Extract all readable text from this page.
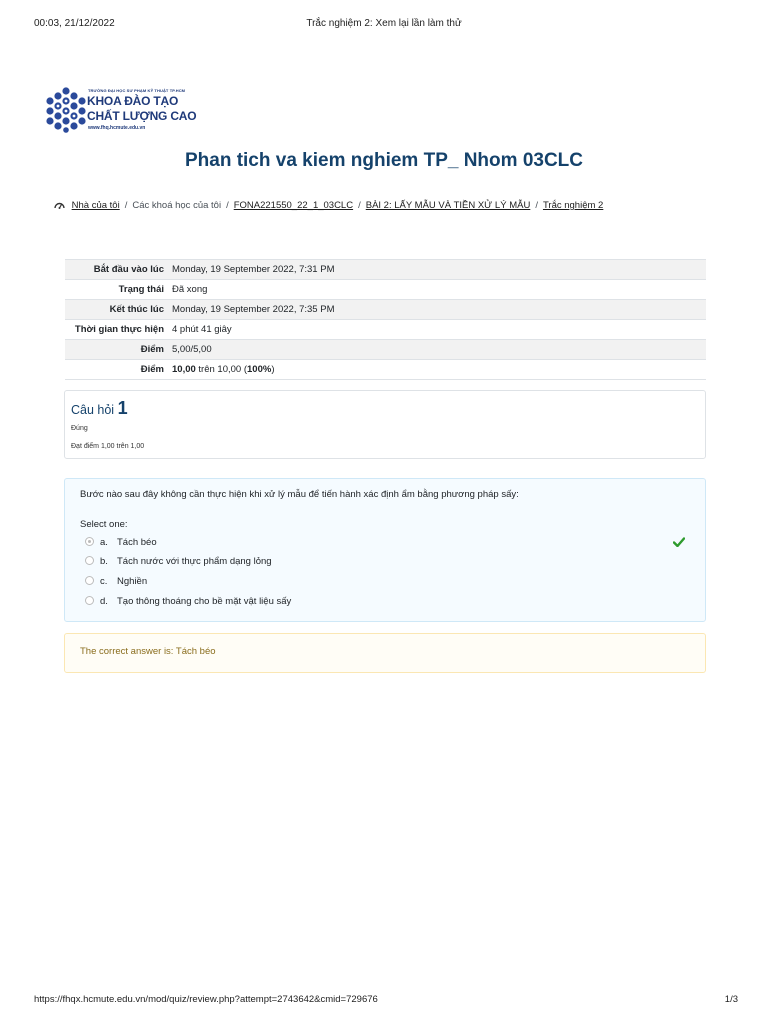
00:03, 21/12/2022	Trắc nghiệm 2: Xem lại lần làm thử
TRƯỜNG ĐẠI HỌC SƯ PHẠM KỸ THUẬT TP.HCM
KHOA ĐÀO TẠO
CHẤT LƯỢNG CAO
www.fhq.hcmute.edu.vn
Phan tich va kiem nghiem TP_ Nhom 03CLC
Nhà của tôi / Các khoá học của tôi / FONA221550_22_1_03CLC / BÀI 2: LẤY MẪU VÀ TIỀN XỬ LÝ MẪU / Trắc nghiệm 2
Bắt đầu vào lúc	Monday, 19 September 2022, 7:31 PM
Trạng thái	Đã xong
Kết thúc lúc	Monday, 19 September 2022, 7:35 PM
Thời gian thực hiện	4 phút 41 giây
Điểm	5,00/5,00
Điểm	10,00 trên 10,00 (100%)
Câu hỏi 1
Đúng
Đạt điểm 1,00 trên 1,00
Bước nào sau đây không cần thực hiện khi xử lý mẫu để tiến hành xác định ẩm bằng phương pháp sấy:
Select one:
a. Tách béo
b. Tách nước với thực phẩm dạng lỏng
c. Nghiền
d. Tạo thông thoáng cho bề mặt vật liệu sấy
The correct answer is: Tách béo
https://fhqx.hcmute.edu.vn/mod/quiz/review.php?attempt=2743642&cmid=729676	1/3
